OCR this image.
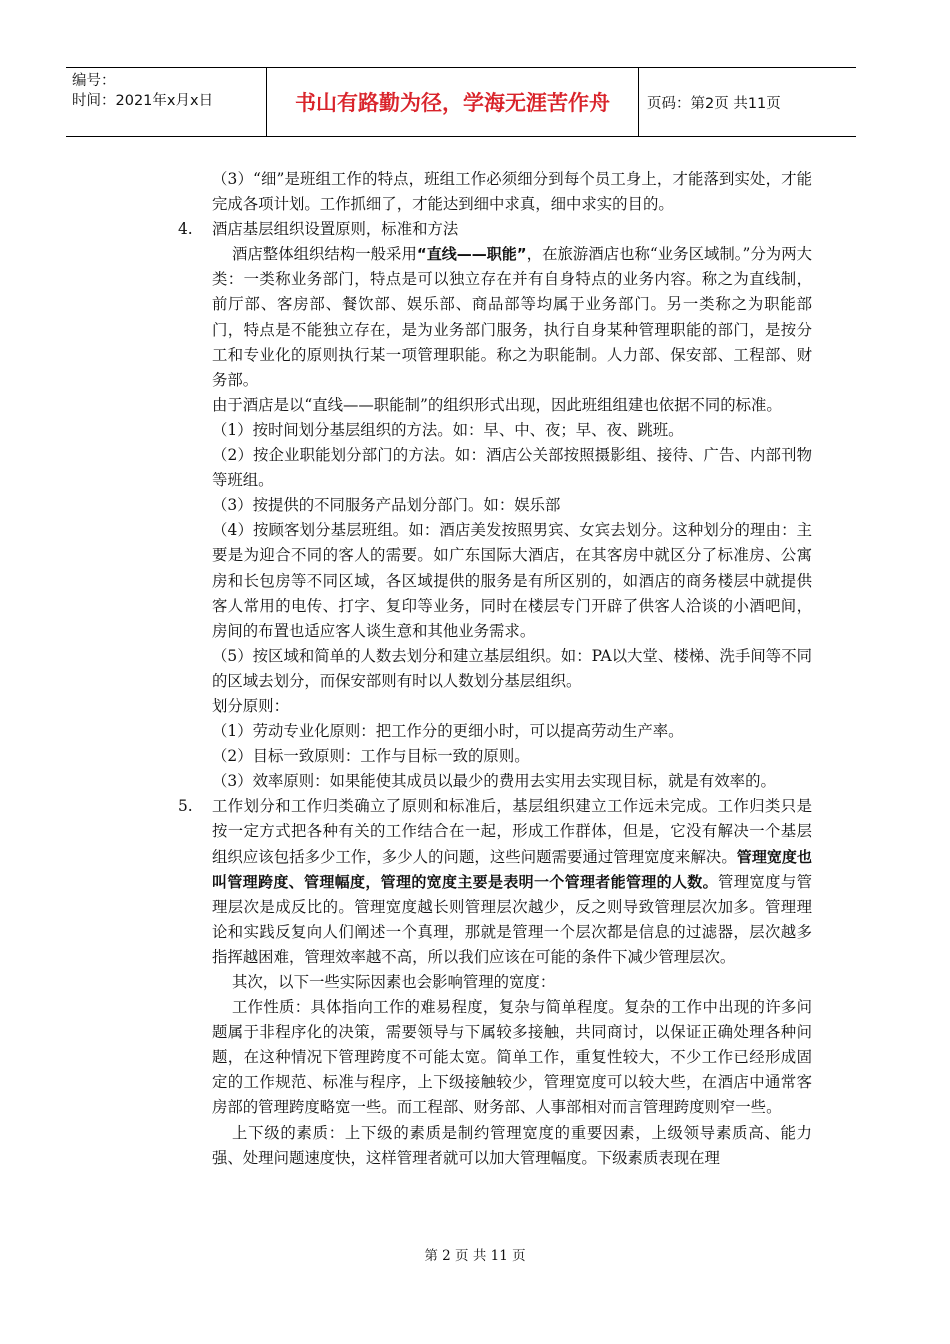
编号：
时间：2021年x月x日	书山有路勤为径，学海无涯苦作舟	页码：第2页 共11页

（3）“细”是班组工作的特点，班组工作必须细分到每个员工身上，才能落到实处，才能完成各项计划。工作抓细了，才能达到细中求真，细中求实的目的。

4. 酒店基层组织设置原则，标准和方法

酒店整体组织结构一般采用“直线——职能”，在旅游酒店也称“业务区域制。”分为两大类：一类称业务部门，特点是可以独立存在并有自身特点的业务内容。称之为直线制，前厅部、客房部、餐饮部、娱乐部、商品部等均属于业务部门。另一类称之为职能部门，特点是不能独立存在，是为业务部门服务，执行自身某种管理职能的部门，是按分工和专业化的原则执行某一项管理职能。称之为职能制。人力部、保安部、工程部、财务部。

由于酒店是以“直线——职能制”的组织形式出现，因此班组组建也依据不同的标准。

（1）按时间划分基层组织的方法。如：早、中、夜；早、夜、跳班。

（2）按企业职能划分部门的方法。如：酒店公关部按照摄影组、接待、广告、内部刊物等班组。

（3）按提供的不同服务产品划分部门。如：娱乐部

（4）按顾客划分基层班组。如：酒店美发按照男宾、女宾去划分。这种划分的理由：主要是为迎合不同的客人的需要。如广东国际大酒店，在其客房中就区分了标准房、公寓房和长包房等不同区域，各区域提供的服务是有所区别的，如酒店的商务楼层中就提供客人常用的电传、打字、复印等业务，同时在楼层专门开辟了供客人洽谈的小酒吧间，房间的布置也适应客人谈生意和其他业务需求。

（5）按区域和简单的人数去划分和建立基层组织。如：PA以大堂、楼梯、洗手间等不同的区域去划分，而保安部则有时以人数划分基层组织。

划分原则：

（1）劳动专业化原则：把工作分的更细小时，可以提高劳动生产率。

（2）目标一致原则：工作与目标一致的原则。

（3）效率原则：如果能使其成员以最少的费用去实用去实现目标，就是有效率的。

5. 工作划分和工作归类确立了原则和标准后，基层组织建立工作远未完成。工作归类只是按一定方式把各种有关的工作结合在一起，形成工作群体，但是，它没有解决一个基层组织应该包括多少工作，多少人的问题，这些问题需要通过管理宽度来解决。管理宽度也叫管理跨度、管理幅度，管理的宽度主要是表明一个管理者能管理的人数。管理宽度与管理层次是成反比的。管理宽度越长则管理层次越少，反之则导致管理层次加多。管理理论和实践反复向人们阐述一个真理，那就是管理一个层次都是信息的过滤器，层次越多指挥越困难，管理效率越不高，所以我们应该在可能的条件下减少管理层次。

其次，以下一些实际因素也会影响管理的宽度：

工作性质：具体指向工作的难易程度，复杂与简单程度。复杂的工作中出现的许多问题属于非程序化的决策，需要领导与下属较多接触，共同商讨，以保证正确处理各种问题，在这种情况下管理跨度不可能太宽。简单工作，重复性较大，不少工作已经形成固定的工作规范、标准与程序，上下级接触较少，管理宽度可以较大些，在酒店中通常客房部的管理跨度略宽一些。而工程部、财务部、人事部相对而言管理跨度则窄一些。

上下级的素质：上下级的素质是制约管理宽度的重要因素，上级领导素质高、能力强、处理问题速度快，这样管理者就可以加大管理幅度。下级素质表现在理

第 2 页 共 11 页
